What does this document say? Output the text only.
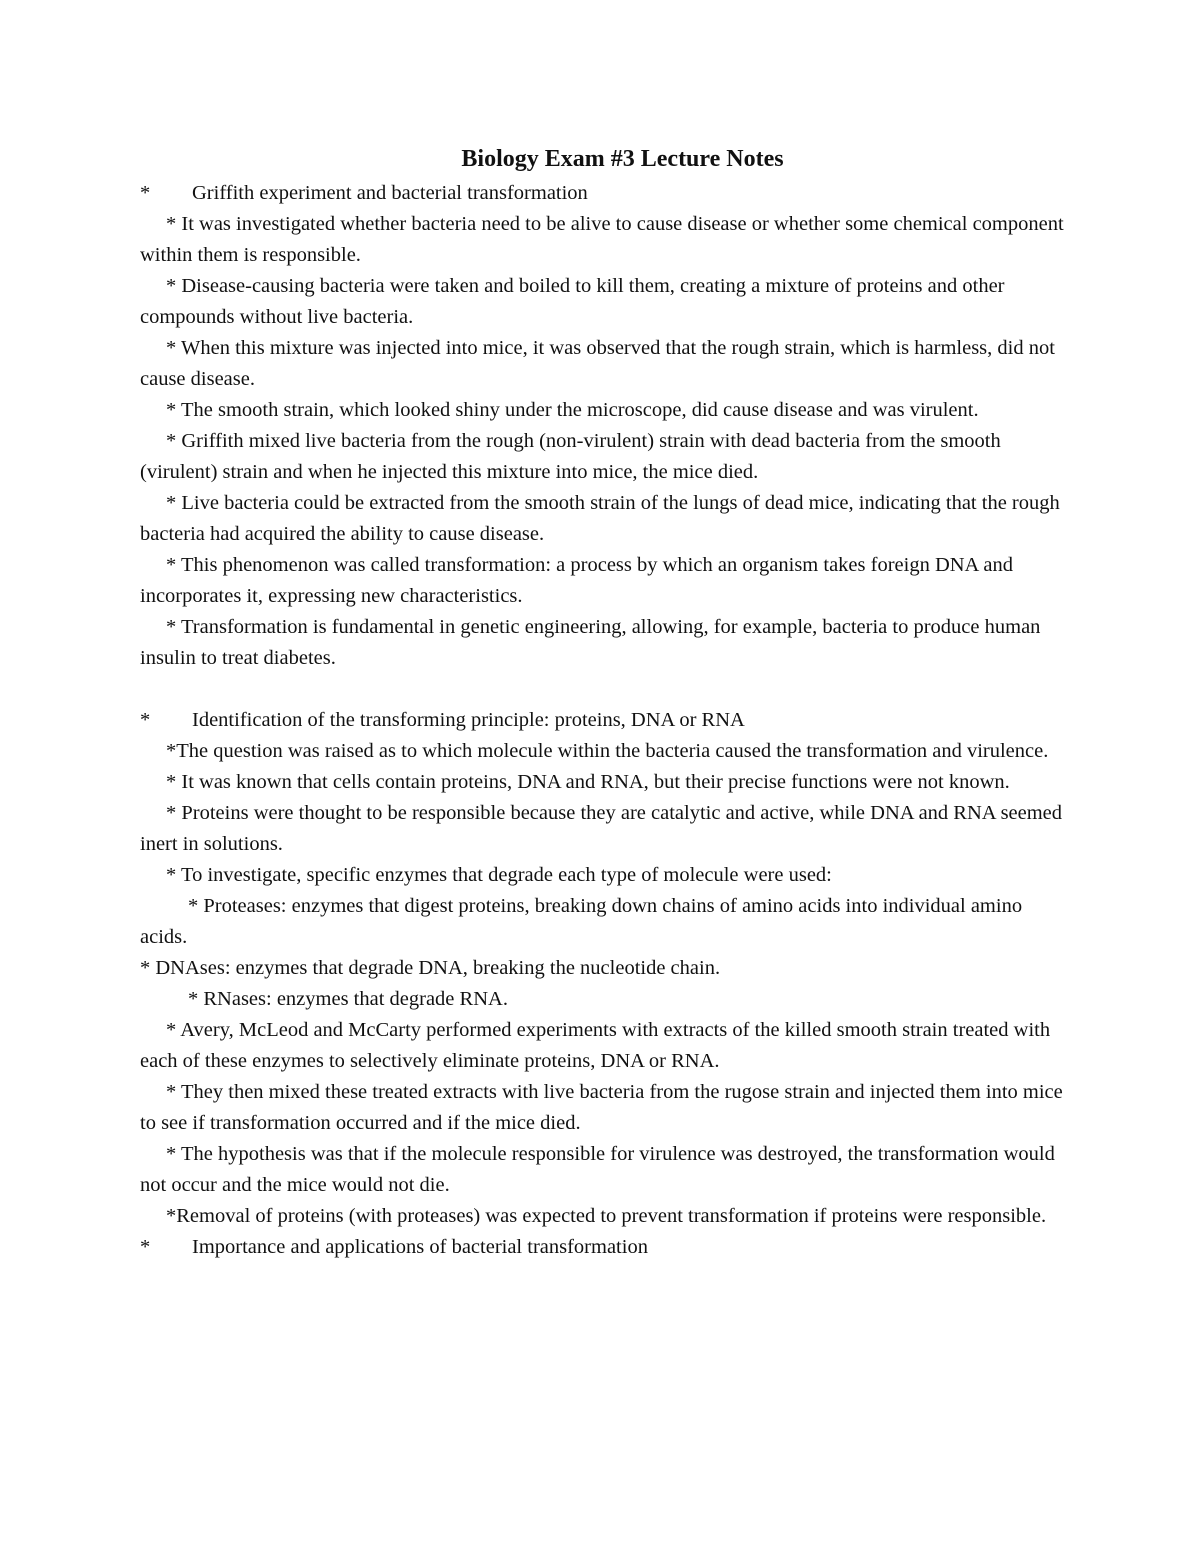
Biology Exam #3 Lecture Notes

* Griffith experiment and bacterial transformation

* It was investigated whether bacteria need to be alive to cause disease or whether some chemical component within them is responsible.

* Disease-causing bacteria were taken and boiled to kill them, creating a mixture of proteins and other compounds without live bacteria.

* When this mixture was injected into mice, it was observed that the rough strain, which is harmless, did not cause disease.

* The smooth strain, which looked shiny under the microscope, did cause disease and was virulent.

* Griffith mixed live bacteria from the rough (non-virulent) strain with dead bacteria from the smooth (virulent) strain and when he injected this mixture into mice, the mice died.

* Live bacteria could be extracted from the smooth strain of the lungs of dead mice, indicating that the rough bacteria had acquired the ability to cause disease.

* This phenomenon was called transformation: a process by which an organism takes foreign DNA and incorporates it, expressing new characteristics.

* Transformation is fundamental in genetic engineering, allowing, for example, bacteria to produce human insulin to treat diabetes.

* Identification of the transforming principle: proteins, DNA or RNA

*The question was raised as to which molecule within the bacteria caused the transformation and virulence.

* It was known that cells contain proteins, DNA and RNA, but their precise functions were not known.

* Proteins were thought to be responsible because they are catalytic and active, while DNA and RNA seemed inert in solutions.

* To investigate, specific enzymes that degrade each type of molecule were used:

* Proteases: enzymes that digest proteins, breaking down chains of amino acids into individual amino acids.

* DNAses: enzymes that degrade DNA, breaking the nucleotide chain.

* RNases: enzymes that degrade RNA.

* Avery, McLeod and McCarty performed experiments with extracts of the killed smooth strain treated with each of these enzymes to selectively eliminate proteins, DNA or RNA.

* They then mixed these treated extracts with live bacteria from the rugose strain and injected them into mice to see if transformation occurred and if the mice died.

* The hypothesis was that if the molecule responsible for virulence was destroyed, the transformation would not occur and the mice would not die.

*Removal of proteins (with proteases) was expected to prevent transformation if proteins were responsible.

* Importance and applications of bacterial transformation
